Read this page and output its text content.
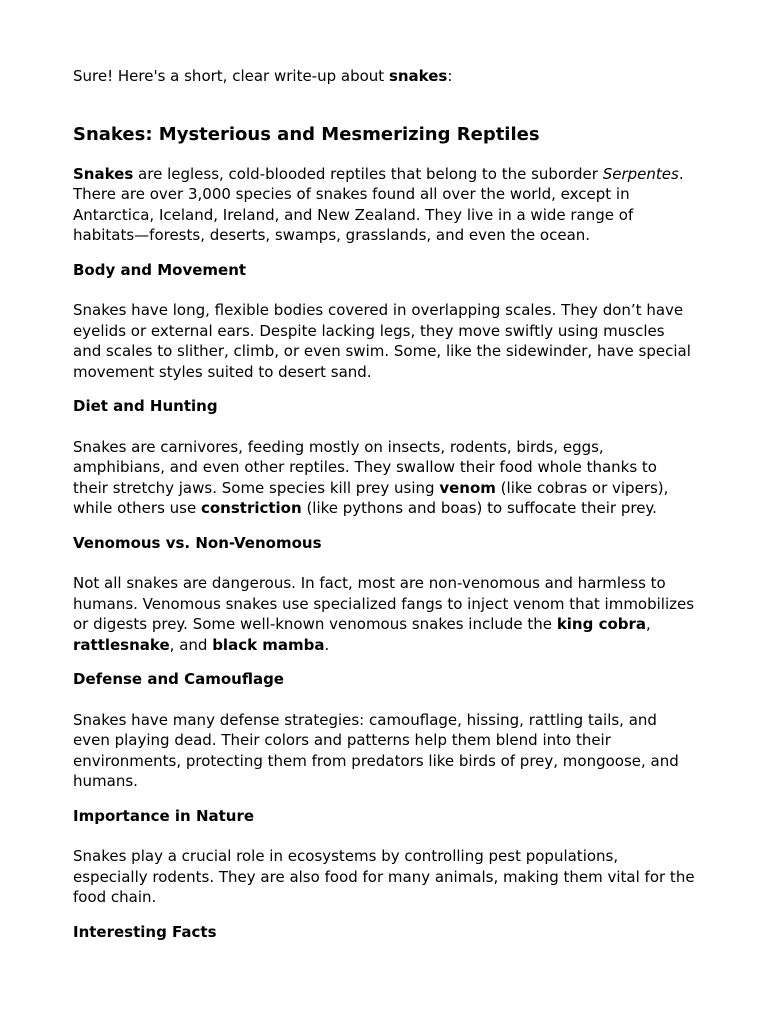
Sure! Here's a short, clear write-up about snakes:

Snakes: Mysterious and Mesmerizing Reptiles

Snakes are legless, cold-blooded reptiles that belong to the suborder Serpentes. There are over 3,000 species of snakes found all over the world, except in Antarctica, Iceland, Ireland, and New Zealand. They live in a wide range of habitats—forests, deserts, swamps, grasslands, and even the ocean.

Body and Movement

Snakes have long, flexible bodies covered in overlapping scales. They don’t have eyelids or external ears. Despite lacking legs, they move swiftly using muscles and scales to slither, climb, or even swim. Some, like the sidewinder, have special movement styles suited to desert sand.

Diet and Hunting

Snakes are carnivores, feeding mostly on insects, rodents, birds, eggs, amphibians, and even other reptiles. They swallow their food whole thanks to their stretchy jaws. Some species kill prey using venom (like cobras or vipers), while others use constriction (like pythons and boas) to suffocate their prey.

Venomous vs. Non-Venomous

Not all snakes are dangerous. In fact, most are non-venomous and harmless to humans. Venomous snakes use specialized fangs to inject venom that immobilizes or digests prey. Some well-known venomous snakes include the king cobra, rattlesnake, and black mamba.

Defense and Camouflage

Snakes have many defense strategies: camouflage, hissing, rattling tails, and even playing dead. Their colors and patterns help them blend into their environments, protecting them from predators like birds of prey, mongoose, and humans.

Importance in Nature

Snakes play a crucial role in ecosystems by controlling pest populations, especially rodents. They are also food for many animals, making them vital for the food chain.

Interesting Facts
